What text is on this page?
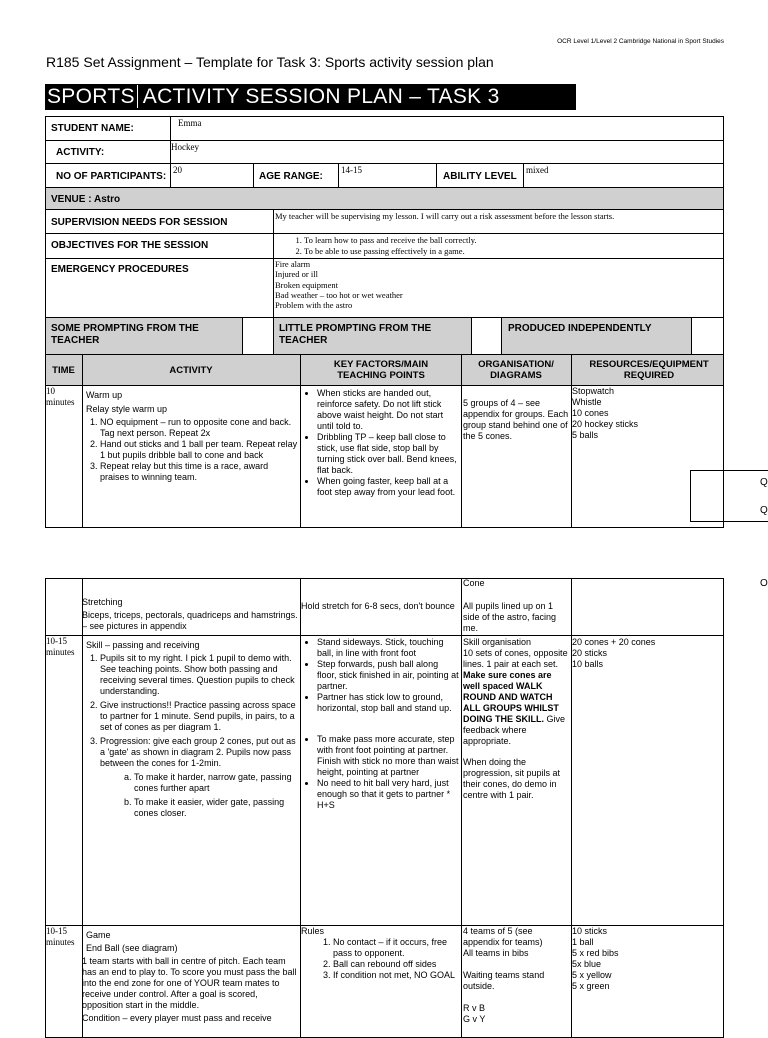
OCR Level 1/Level 2 Cambridge National in Sport Studies
R185 Set Assignment – Template for Task 3: Sports activity session plan
SPORTS ACTIVITY SESSION PLAN – TASK 3
STUDENT NAME:	Emma
ACTIVITY:	Hockey
NO OF PARTICIPANTS:
20
AGE RANGE:
14-15
ABILITY LEVEL
mixed
VENUE : Astro
SUPERVISION NEEDS FOR SESSION
My teacher will be supervising my lesson. I will carry out a risk assessment before the lesson starts.
OBJECTIVES FOR THE SESSION
1.	To learn how to pass and receive the ball correctly.
2. To be able to use passing effectively in a game.
EMERGENCY PROCEDURES	Fire alarm
Injured or ill
Broken equipment
Bad weather – too hot or wet weather
Problem with the astro
SOME PROMPTING FROM THE TEACHER
LITTLE PROMPTING FROM THE TEACHER
PRODUCED INDEPENDENTLY
TIME	ACTIVITY
KEY FACTORS/MAIN TEACHING POINTS
ORGANISATION/ DIAGRAMS
RESOURCES/EQUIPMENT REQUIRED
10 minutes
Warm up
Relay style warm up
1. NO equipment – run to opposite cone and back. Tag next person. Repeat 2x
2. Hand out sticks and 1 ball per team. Repeat relay 1 but pupils dribble ball to cone and back
3. Repeat relay but this time is a race, award praises to winning team.
• When sticks are handed out, reinforce safety. Do not lift stick above waist height. Do not start until told to.
• Dribbling TP – keep ball close to stick, use flat side, stop ball by turning stick over ball. Bend knees, flat back.
• When going faster, keep ball at a foot step away from your lead foot.
5 groups of 4 – see appendix for groups. Each group stand behind one of the 5 cones.
Stopwatch
Whistle
10 cones
20 hockey sticks
5 balls
Q
Q
O
Cone
Stretching
Biceps, triceps, pectorals, quadriceps and hamstrings. – see pictures in appendix
Hold stretch for 6-8 secs, don't bounce All pupils lined up on 1 side of the astro, facing me.
10-15 minutes
Skill – passing and receiving
1. Pupils sit to my right. I pick 1 pupil to demo with. See teaching points. Show both passing and receiving several times. Question pupils to check understanding.
2. Give instructions!! Practice passing across space to partner for 1 minute. Send pupils, in pairs, to a set of cones as per diagram 1.
3. Progression: give each group 2 cones, put out as a 'gate' as shown in diagram 2. Pupils now pass between the cones for 1-2min.
a. To make it harder, narrow gate, passing cones further apart
b. To make it easier, wider gate, passing cones closer.
• Stand sideways. Stick, touching ball, in line with front foot
• Step forwards, push ball along floor, stick finished in air, pointing at partner.
• Partner has stick low to ground, horizontal, stop ball and stand up.
• To make pass more accurate, step with front foot pointing at partner. Finish with stick no more than waist height, pointing at partner
• No need to hit ball very hard, just enough so that it gets to partner * H+S
Skill organisation
10 sets of cones, opposite lines. 1 pair at each set. Make sure cones are well spaced WALK ROUND AND WATCH ALL GROUPS WHILST DOING THE SKILL. Give feedback where appropriate.
When doing the progression, sit pupils at their cones, do demo in centre with 1 pair.
20 cones + 20 cones
20 sticks
10 balls
10-15 minutes
Game
End Ball (see diagram)
1 team starts with ball in centre of pitch. Each team has an end to play to. To score you must pass the ball into the end zone for one of YOUR team mates to receive under control. After a goal is scored, opposition start in the middle.
Condition – every player must pass and receive
Rules
1. No contact – if it occurs, free pass to opponent.
2. Ball can rebound off sides
3. If condition not met, NO GOAL
4 teams of 5 (see appendix for teams)
All teams in bibs
Waiting teams stand outside.
R v B
G v Y
10 sticks
1 ball
5 x red bibs
5x blue
5 x yellow
5 x green
